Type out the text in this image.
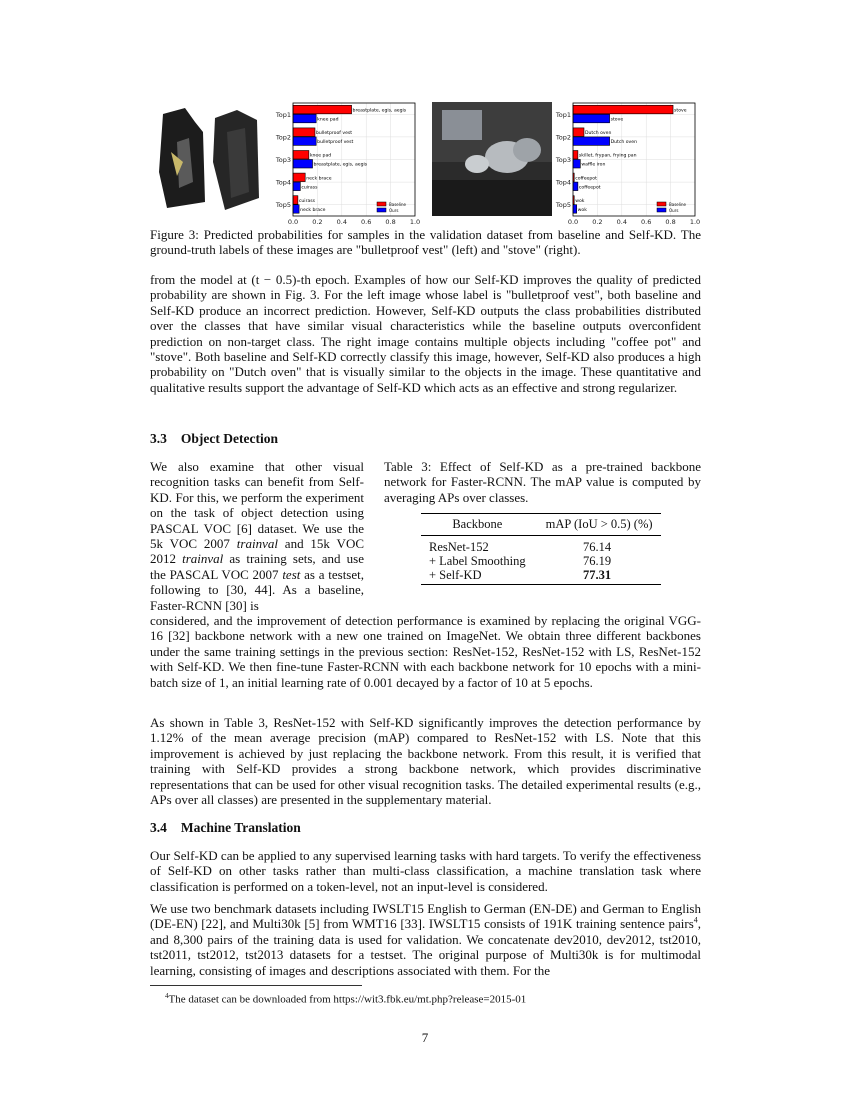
0.0 0.2 0.4 0.6 0.8 1.0
Top1	breastplate, egis, aegis
knee pad
Top2	bulletproof vest
bulletproof vest
Top3	knee pad
breastplate, egis, aegis
Top4	neck brace
cuirass
Top5 cuirass
neck brace
Baseline
Ours
0.0 0.2 0.4 0.6 0.8 1.0
Top1	stove
stove
Top2	Dutch oven
Dutch oven
Top3 skillet, frypan, frying pan
waffle iron
Top4 coffeepot
coffeepot
Top5 wok
wok
Baseline
Ours
Figure 3: Predicted probabilities for samples in the validation dataset from baseline and Self-KD. The ground-truth labels of these images are "bulletproof vest" (left) and "stove" (right).
from the model at (t − 0.5)-th epoch. Examples of how our Self-KD improves the quality of predicted probability are shown in Fig. 3. For the left image whose label is "bulletproof vest", both baseline and Self-KD produce an incorrect prediction. However, Self-KD outputs the class probabilities distributed over the classes that have similar visual characteristics while the baseline outputs overconfident prediction on non-target class. The right image contains multiple objects including "coffee pot" and "stove". Both baseline and Self-KD correctly classify this image, however, Self-KD also produces a high probability on "Dutch oven" that is visually similar to the objects in the image. These quantitative and qualitative results support the advantage of Self-KD which acts as an effective and strong regularizer.
3.3 Object Detection
We also examine that other visual recognition tasks can benefit from Self-KD. For this, we perform the experiment on the task of object detection using PASCAL VOC [6] dataset. We use the 5k VOC 2007 trainval and 15k VOC 2012 trainval as training sets, and use the PASCAL VOC 2007 test as a testset, following to [30, 44]. As a baseline, Faster-RCNN [30] is
Table 3: Effect of Self-KD as a pre-trained backbone network for Faster-RCNN. The mAP value is computed by averaging APs over classes.
Backbone	mAP (IoU > 0.5) (%)
ResNet-152	76.14
+ Label Smoothing	76.19
+ Self-KD	77.31
considered, and the improvement of detection performance is examined by replacing the original VGG-16 [32] backbone network with a new one trained on ImageNet. We obtain three different backbones under the same training settings in the previous section: ResNet-152, ResNet-152 with LS, ResNet-152 with Self-KD. We then fine-tune Faster-RCNN with each backbone network for 10 epochs with a mini-batch size of 1, an initial learning rate of 0.001 decayed by a factor of 10 at 5 epochs.
As shown in Table 3, ResNet-152 with Self-KD significantly improves the detection performance by 1.12% of the mean average precision (mAP) compared to ResNet-152 with LS. Note that this improvement is achieved by just replacing the backbone network. From this result, it is verified that training with Self-KD provides a strong backbone network, which provides discriminative representations that can be used for other visual recognition tasks. The detailed experimental results (e.g., APs over all classes) are presented in the supplementary material.
3.4 Machine Translation
Our Self-KD can be applied to any supervised learning tasks with hard targets. To verify the effectiveness of Self-KD on other tasks rather than multi-class classification, a machine translation task where classification is performed on a token-level, not an input-level is considered.
We use two benchmark datasets including IWSLT15 English to German (EN-DE) and German to English (DE-EN) [22], and Multi30k [5] from WMT16 [33]. IWSLT15 consists of 191K training sentence pairs$^4$, and 8,300 pairs of the training data is used for validation. We concatenate dev2010, dev2012, tst2010, tst2011, tst2012, tst2013 datasets for a testset. The original purpose of Multi30k is for multimodal learning, consisting of images and descriptions associated with them. For the
$^4$The dataset can be downloaded from https://wit3.fbk.eu/mt.php?release=2015-01
7
